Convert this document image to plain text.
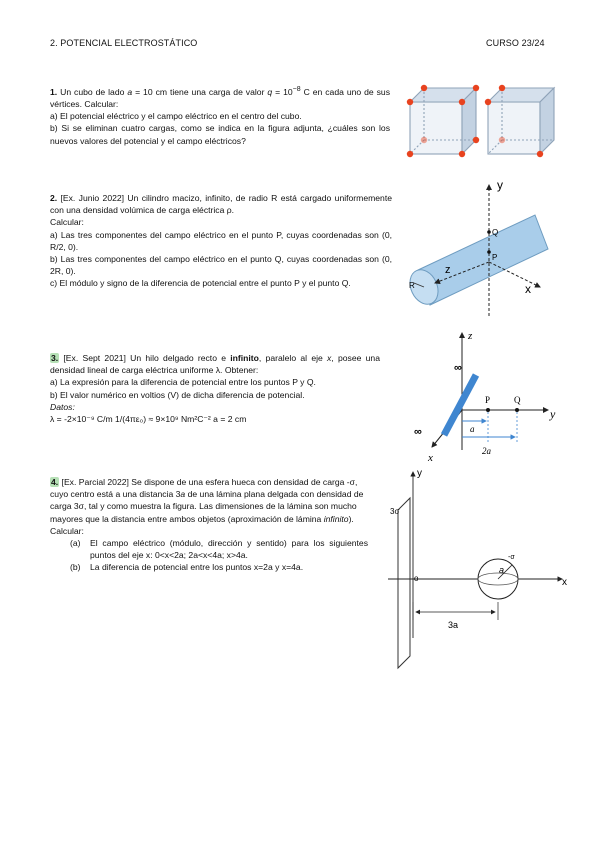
2. POTENCIAL ELECTROSTÁTICO	CURSO 23/24

1. Un cubo de lado a = 10 cm tiene una carga de valor $q = 10^{-8}$ C en cada uno de sus vértices. Calcular:

a) El potencial eléctrico y el campo eléctrico en el centro del cubo.

b) Si se eliminan cuatro cargas, como se indica en la figura adjunta, ¿cuáles son los nuevos valores del potencial y el campo eléctricos?

2. [Ex. Junio 2022] Un cilindro macizo, infinito, de radio R está cargado uniformemente con una densidad volúmica de carga eléctrica ρ.

Calcular:

a) Las tres componentes del campo eléctrico en el punto P, cuyas coordenadas son (0, R/2, 0).

b) Las tres componentes del campo eléctrico en el punto Q, cuyas coordenadas son (0, 2R, 0).

c) El módulo y signo de la diferencia de potencial entre el punto P y el punto Q.	R
y
x
z
P
Q

3. [Ex. Sept 2021] Un hilo delgado recto e infinito, paralelo al eje x, posee una densidad lineal de carga eléctrica uniforme λ. Obtener:

a) La expresión para la diferencia de potencial entre los puntos P y Q.

b) El valor numérico en voltios (V) de dicha diferencia de potencial.

Datos:

λ = -2×10⁻⁹ C/m 1/(4πε₀) ≈ 9×10⁹ Nm²C⁻² a = 2 cm

z
y
x
∞
∞
P	Q
a
2a

4. [Ex. Parcial 2022] Se dispone de una esfera hueca con densidad de carga -σ, cuyo centro está a una distancia 3a de una lámina plana delgada con densidad de carga 3σ, tal y como muestra la figura. Las dimensiones de la lámina son mucho mayores que la distancia entre ambos objetos (aproximación de lámina infinito).

Calcular:

(a)	El campo eléctrico (módulo, dirección y sentido) para los siguientes puntos del eje x: 0<x<2a; 2a<x<4a; x>4a.
(b)	La diferencia de potencial entre los puntos x=2a y x=4a.
3σ
y
x
o
a
-σ
3a
